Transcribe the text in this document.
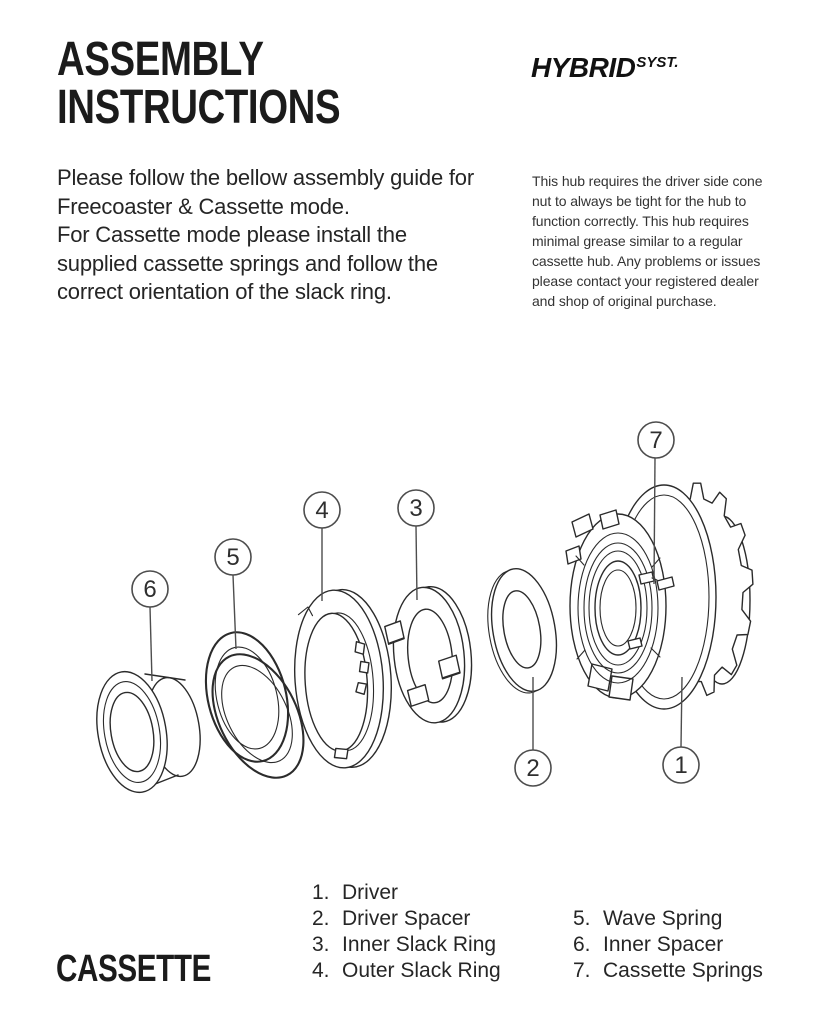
ASSEMBLY
INSTRUCTIONS
HYBRIDSYST.

Please follow the bellow assembly guide for Freecoaster & Cassette mode.

For Cassette mode please install the supplied cassette springs and follow the correct orientation of the slack ring.

This hub requires the driver side cone nut to always be tight for the hub to function correctly. This hub requires minimal grease similar to a regular cassette hub. Any problems or issues please contact your registered dealer and shop of original purchase.
1
2
3
4
5
6
7
CASSETTE
1. Driver
2. Driver Spacer
3. Inner Slack Ring
4. Outer Slack Ring
5. Wave Spring
6. Inner Spacer
7. Cassette Springs
